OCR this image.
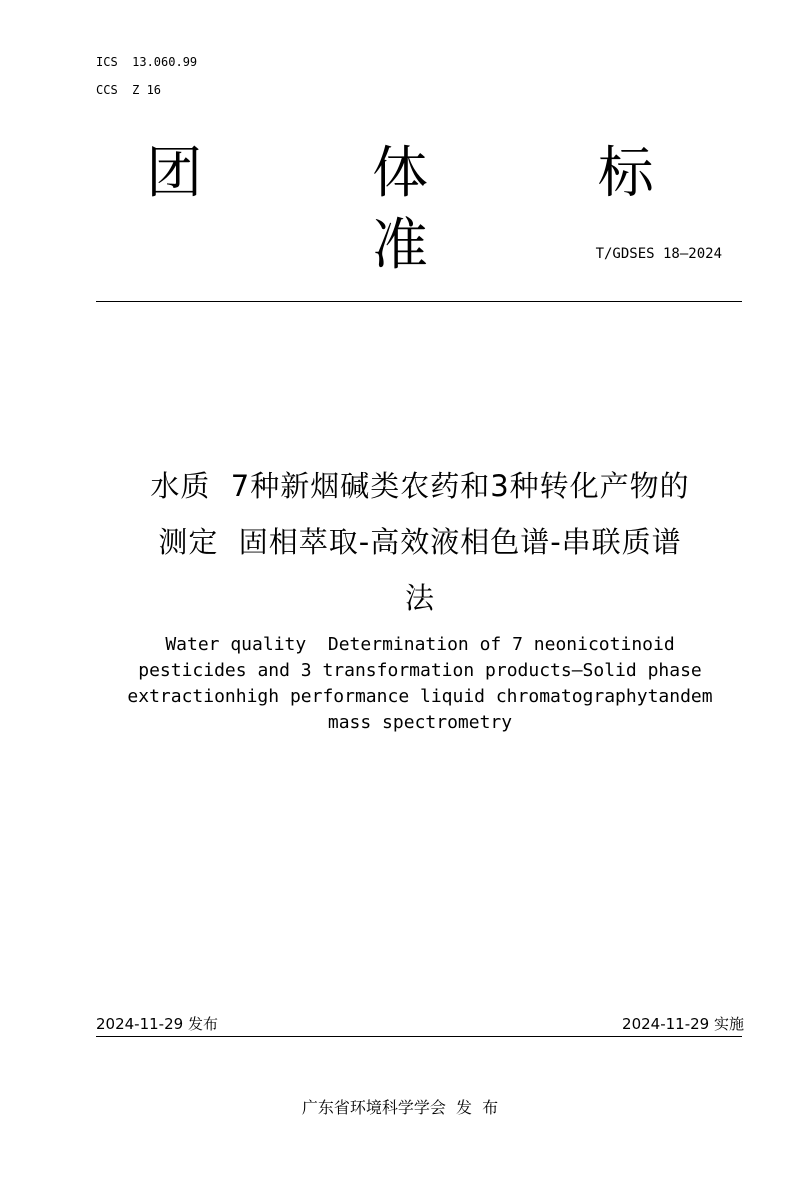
ICS  13.060.99
CCS  Z 16
团 体 标 准	T/GDSES 18—2024
水质  7种新烟碱类农药和3种转化产物的
测定  固相萃取-高效液相色谱-串联质谱
法
Water quality  Determination of 7 neonicotinoid
pesticides and 3 transformation products—Solid phase
extractionhigh performance liquid chromatographytandem
mass spectrometry
2024-11-29 发布	2024-11-29 实施
广东省环境科学学会  发  布
